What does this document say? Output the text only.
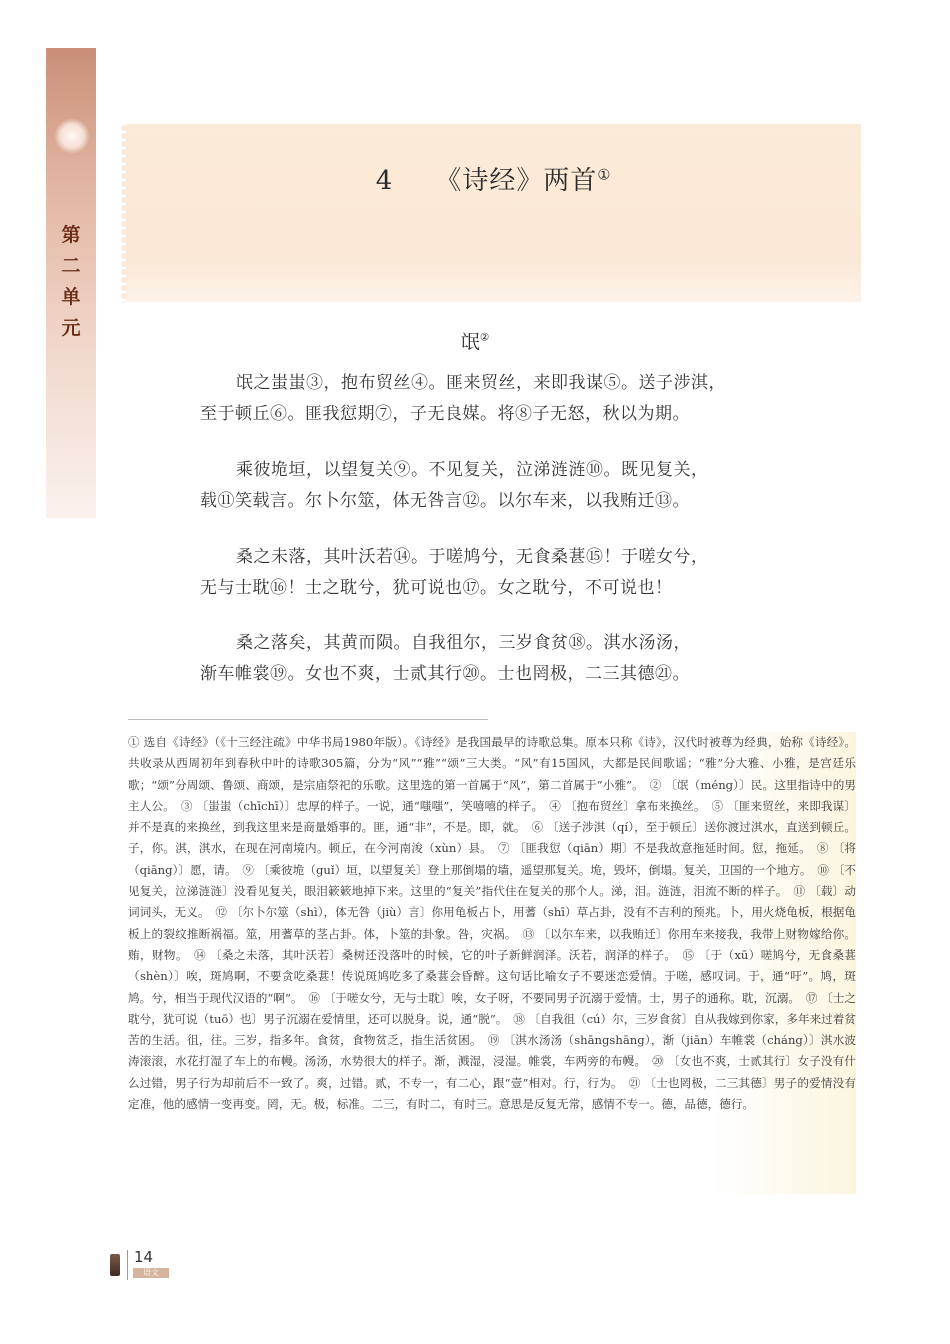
第
二
单
元
4 《诗经》两首①
氓②
氓之蚩蚩③，抱布贸丝④。匪来贸丝，来即我谋⑤。送子涉淇，
至于顿丘⑥。匪我愆期⑦，子无良媒。将⑧子无怒，秋以为期。
乘彼垝垣，以望复关⑨。不见复关，泣涕涟涟⑩。既见复关，
载⑪笑载言。尔卜尔筮，体无咎言⑫。以尔车来，以我贿迁⑬。
桑之未落，其叶沃若⑭。于嗟鸠兮，无食桑葚⑮！于嗟女兮，
无与士耽⑯！士之耽兮，犹可说也⑰。女之耽兮，不可说也！
桑之落矣，其黄而陨。自我徂尔，三岁食贫⑱。淇水汤汤，
渐车帷裳⑲。女也不爽，士贰其行⑳。士也罔极，二三其德㉑。

① 选自《诗经》（《十三经注疏》中华书局1980年版）。《诗经》是我国最早的诗歌总集。原本只称《诗》，汉代时被尊为经典，始称《诗经》。共收录从西周初年到春秋中叶的诗歌305篇，分为“风”“雅”“颂”三大类。“风”有15国风，大都是民间歌谣；“雅”分大雅、小雅，是宫廷乐歌；“颂”分周颂、鲁颂、商颂，是宗庙祭祀的乐歌。这里选的第一首属于“风”，第二首属于“小雅”。　② 〔氓（méng）〕民。这里指诗中的男主人公。　③ 〔蚩蚩（chīchī）〕忠厚的样子。一说，通“嗤嗤”，笑嘻嘻的样子。　④ 〔抱布贸丝〕拿布来换丝。　⑤ 〔匪来贸丝，来即我谋〕并不是真的来换丝，到我这里来是商量婚事的。匪，通“非”，不是。即，就。　⑥ 〔送子涉淇（qí），至于顿丘〕送你渡过淇水，直送到顿丘。子，你。淇，淇水，在现在河南境内。顿丘，在今河南浚（xùn）县。　⑦ 〔匪我愆（qiān）期〕不是我故意拖延时间。愆，拖延。　⑧ 〔将（qiāng）〕愿，请。　⑨ 〔乘彼垝（guǐ）垣，以望复关〕登上那倒塌的墙，遥望那复关。垝，毁坏，倒塌。复关，卫国的一个地方。　⑩ 〔不见复关，泣涕涟涟〕没看见复关，眼泪簌簌地掉下来。这里的“复关”指代住在复关的那个人。涕，泪。涟涟，泪流不断的样子。　⑪ 〔载〕动词词头，无义。　⑫ 〔尔卜尔筮（shì），体无咎（jiù）言〕你用龟板占卜，用蓍（shī）草占卦，没有不吉利的预兆。卜，用火烧龟板，根据龟板上的裂纹推断祸福。筮，用蓍草的茎占卦。体，卜筮的卦象。咎，灾祸。　⑬ 〔以尔车来，以我贿迁〕你用车来接我，我带上财物嫁给你。贿，财物。　⑭ 〔桑之未落，其叶沃若〕桑树还没落叶的时候，它的叶子新鲜润泽。沃若，润泽的样子。　⑮ 〔于（xū）嗟鸠兮，无食桑葚（shèn）〕唉，斑鸠啊，不要贪吃桑葚！传说斑鸠吃多了桑葚会昏醉。这句话比喻女子不要迷恋爱情。于嗟，感叹词。于，通“吁”。鸠，斑鸠。兮，相当于现代汉语的“啊”。　⑯ 〔于嗟女兮，无与士耽〕唉，女子呀，不要同男子沉溺于爱情。士，男子的通称。耽，沉溺。　⑰ 〔士之耽兮，犹可说（tuō）也〕男子沉溺在爱情里，还可以脱身。说，通“脱”。　⑱ 〔自我徂（cú）尔，三岁食贫〕自从我嫁到你家，多年来过着贫苦的生活。徂，往。三岁，指多年。食贫，食物贫乏，指生活贫困。　⑲ 〔淇水汤汤（shāngshāng），渐（jiān）车帷裳（cháng）〕淇水波涛滚滚，水花打湿了车上的布幔。汤汤，水势很大的样子。渐，溅湿，浸湿。帷裳，车两旁的布幔。　⑳ 〔女也不爽，士贰其行〕女子没有什么过错，男子行为却前后不一致了。爽，过错。贰，不专一，有二心，跟“壹”相对。行，行为。　㉑ 〔士也罔极，二三其德〕男子的爱情没有定准，他的感情一变再变。罔，无。极，标准。二三，有时二，有时三。意思是反复无常，感情不专一。德，品德，德行。

14
语文
